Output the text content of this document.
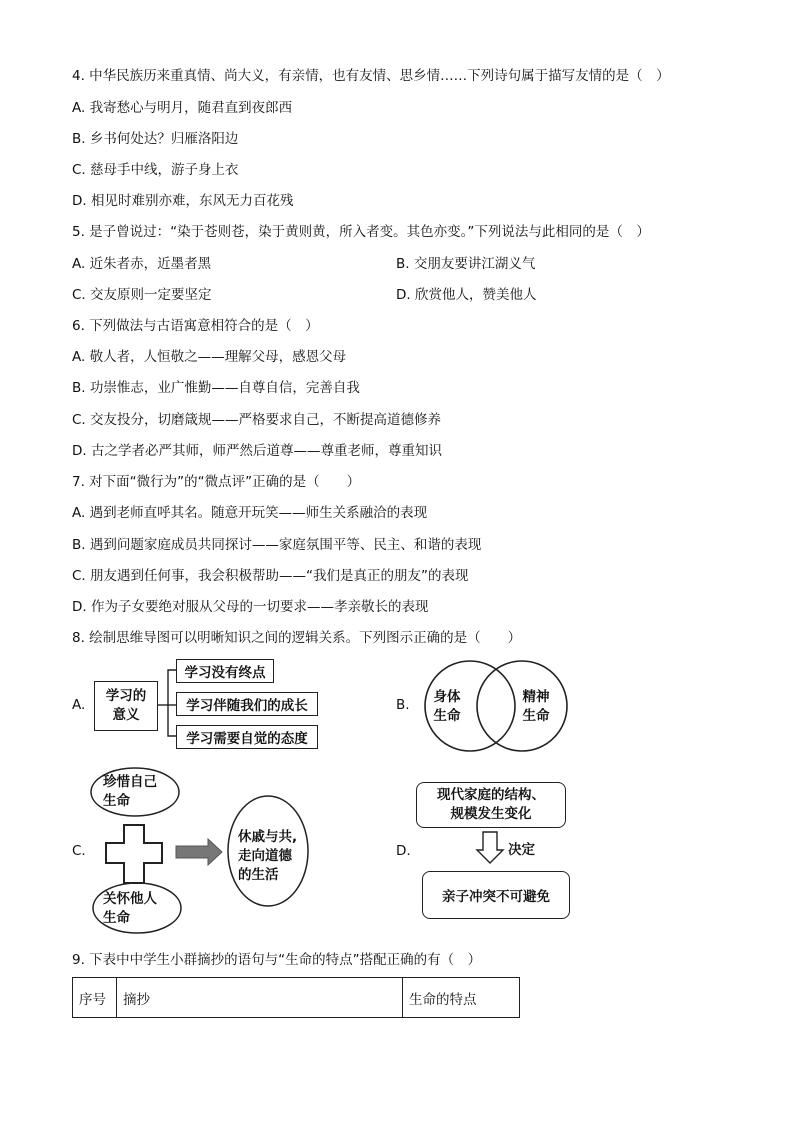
4. 中华民族历来重真情、尚大义，有亲情，也有友情、思乡情……下列诗句属于描写友情的是（　）
A. 我寄愁心与明月，随君直到夜郎西
B. 乡书何处达？归雁洛阳边
C. 慈母手中线，游子身上衣
D. 相见时难别亦难，东风无力百花残
5. 是子曾说过：“染于苍则苍，染于黄则黄，所入者变。其色亦变。”下列说法与此相同的是（　）
A. 近朱者赤，近墨者黑	B. 交朋友要讲江湖义气
C. 交友原则一定要坚定	D. 欣赏他人，赞美他人
6. 下列做法与古语寓意相符合的是（　）
A. 敬人者，人恒敬之——理解父母，感恩父母
B. 功崇惟志，业广惟勤——自尊自信，完善自我
C. 交友投分，切磨箴规——严格要求自己，不断提高道德修养
D. 古之学者必严其师，师严然后道尊——尊重老师，尊重知识
7. 对下面“微行为”的“微点评”正确的是（　　）
A. 遇到老师直呼其名。随意开玩笑——师生关系融洽的表现
B. 遇到问题家庭成员共同探讨——家庭氛围平等、民主、和谐的表现
C. 朋友遇到任何事，我会积极帮助——“我们是真正的朋友”的表现
D. 作为子女要绝对服从父母的一切要求——孝亲敬长的表现
8. 绘制思维导图可以明晰知识之间的逻辑关系。下列图示正确的是（　　）
A.
学习的
意义
学习没有终点
学习伴随我们的成长
学习需要自觉的态度
B.	身体
生命
精神
生命
C.
珍惜自己
生命
关怀他人
生命
休戚与共,
走向道德
的生活
D.
现代家庭的结构、
规模发生变化
决定
亲子冲突不可避免
9. 下表中中学生小群摘抄的语句与“生命的特点”搭配正确的有（　）
序号	摘抄	生命的特点
